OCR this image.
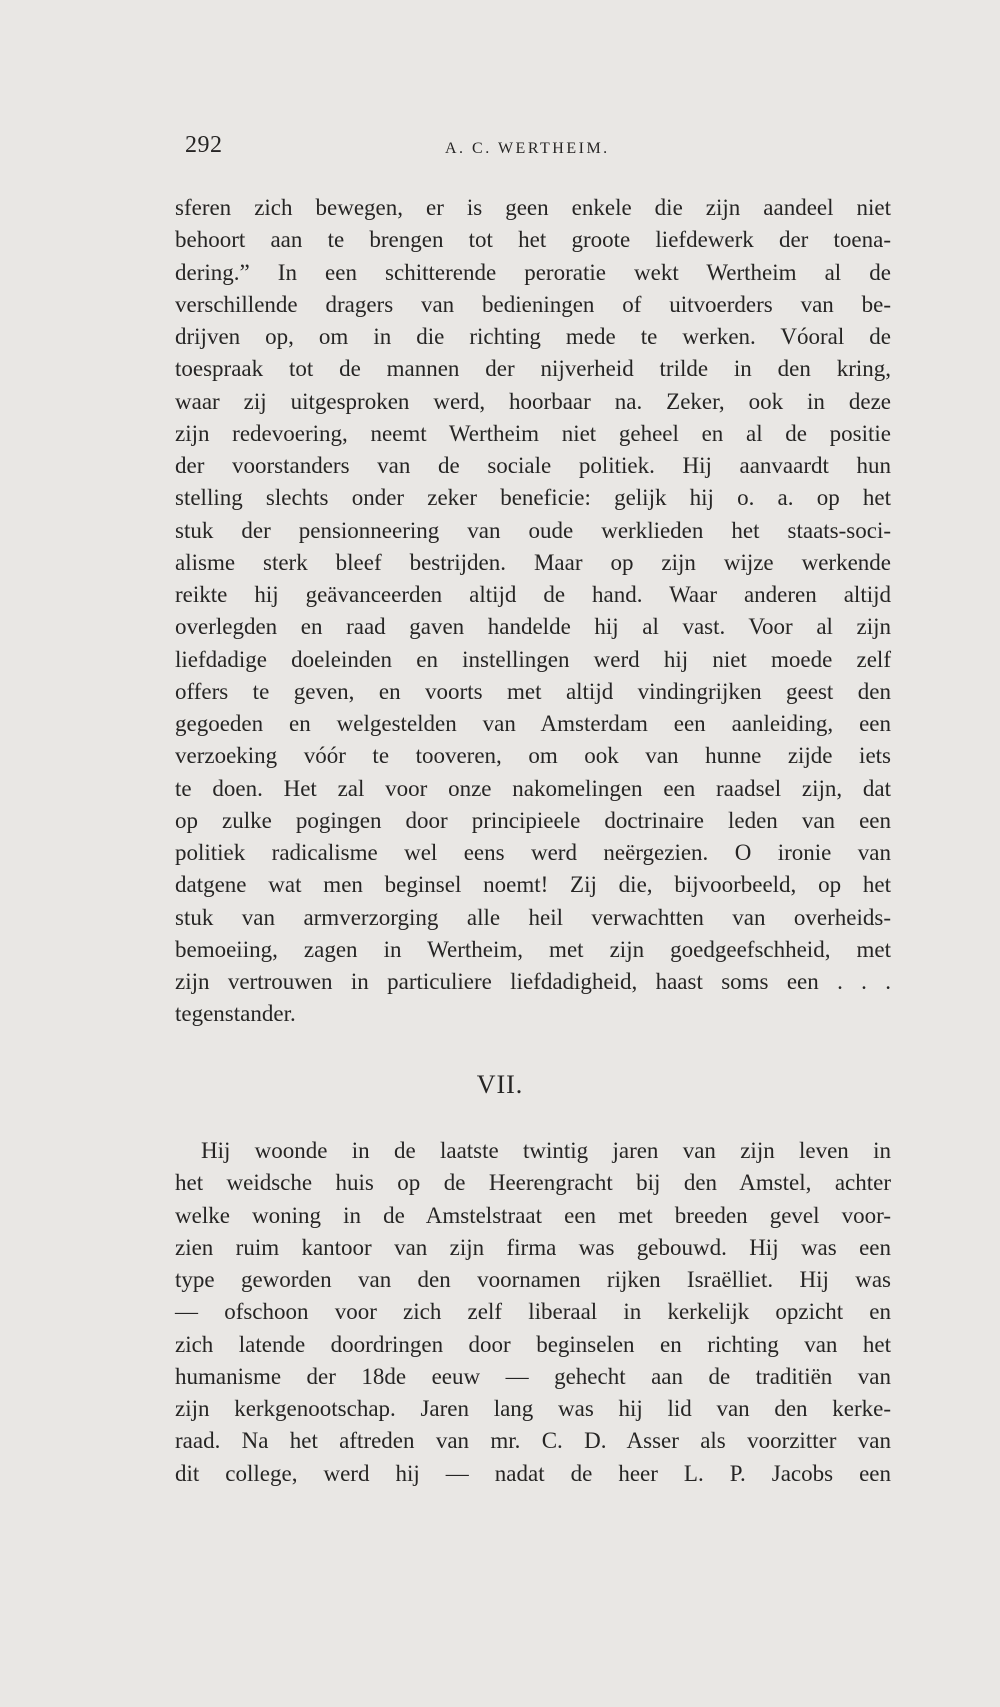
292	A. C. WERTHEIM.
sferen zich bewegen, er is geen enkele die zijn aandeel niet
behoort aan te brengen tot het groote liefdewerk der toena-
dering.” In een schitterende peroratie wekt Wertheim al de
verschillende dragers van bedieningen of uitvoerders van be-
drijven op, om in die richting mede te werken. Vóoral de
toespraak tot de mannen der nijverheid trilde in den kring,
waar zij uitgesproken werd, hoorbaar na. Zeker, ook in deze
zijn redevoering, neemt Wertheim niet geheel en al de positie
der voorstanders van de sociale politiek. Hij aanvaardt hun
stelling slechts onder zeker beneficie: gelijk hij o. a. op het
stuk der pensionneering van oude werklieden het staats-soci-
alisme sterk bleef bestrijden. Maar op zijn wijze werkende
reikte hij geävanceerden altijd de hand. Waar anderen altijd
overlegden en raad gaven handelde hij al vast. Voor al zijn
liefdadige doeleinden en instellingen werd hij niet moede zelf
offers te geven, en voorts met altijd vindingrijken geest den
gegoeden en welgestelden van Amsterdam een aanleiding, een
verzoeking vóór te tooveren, om ook van hunne zijde iets
te doen. Het zal voor onze nakomelingen een raadsel zijn, dat
op zulke pogingen door principieele doctrinaire leden van een
politiek radicalisme wel eens werd neërgezien. O ironie van
datgene wat men beginsel noemt! Zij die, bijvoorbeeld, op het
stuk van armverzorging alle heil verwachtten van overheids-
bemoeiing, zagen in Wertheim, met zijn goedgeefschheid, met
zijn vertrouwen in particuliere liefdadigheid, haast soms een . . .
tegenstander.
VII.
Hij woonde in de laatste twintig jaren van zijn leven in
het weidsche huis op de Heerengracht bij den Amstel, achter
welke woning in de Amstelstraat een met breeden gevel voor-
zien ruim kantoor van zijn firma was gebouwd. Hij was een
type geworden van den voornamen rijken Israëlliet. Hij was
— ofschoon voor zich zelf liberaal in kerkelijk opzicht en
zich latende doordringen door beginselen en richting van het
humanisme der 18de eeuw — gehecht aan de traditiën van
zijn kerkgenootschap. Jaren lang was hij lid van den kerke-
raad. Na het aftreden van mr. C. D. Asser als voorzitter van
dit college, werd hij — nadat de heer L. P. Jacobs een
